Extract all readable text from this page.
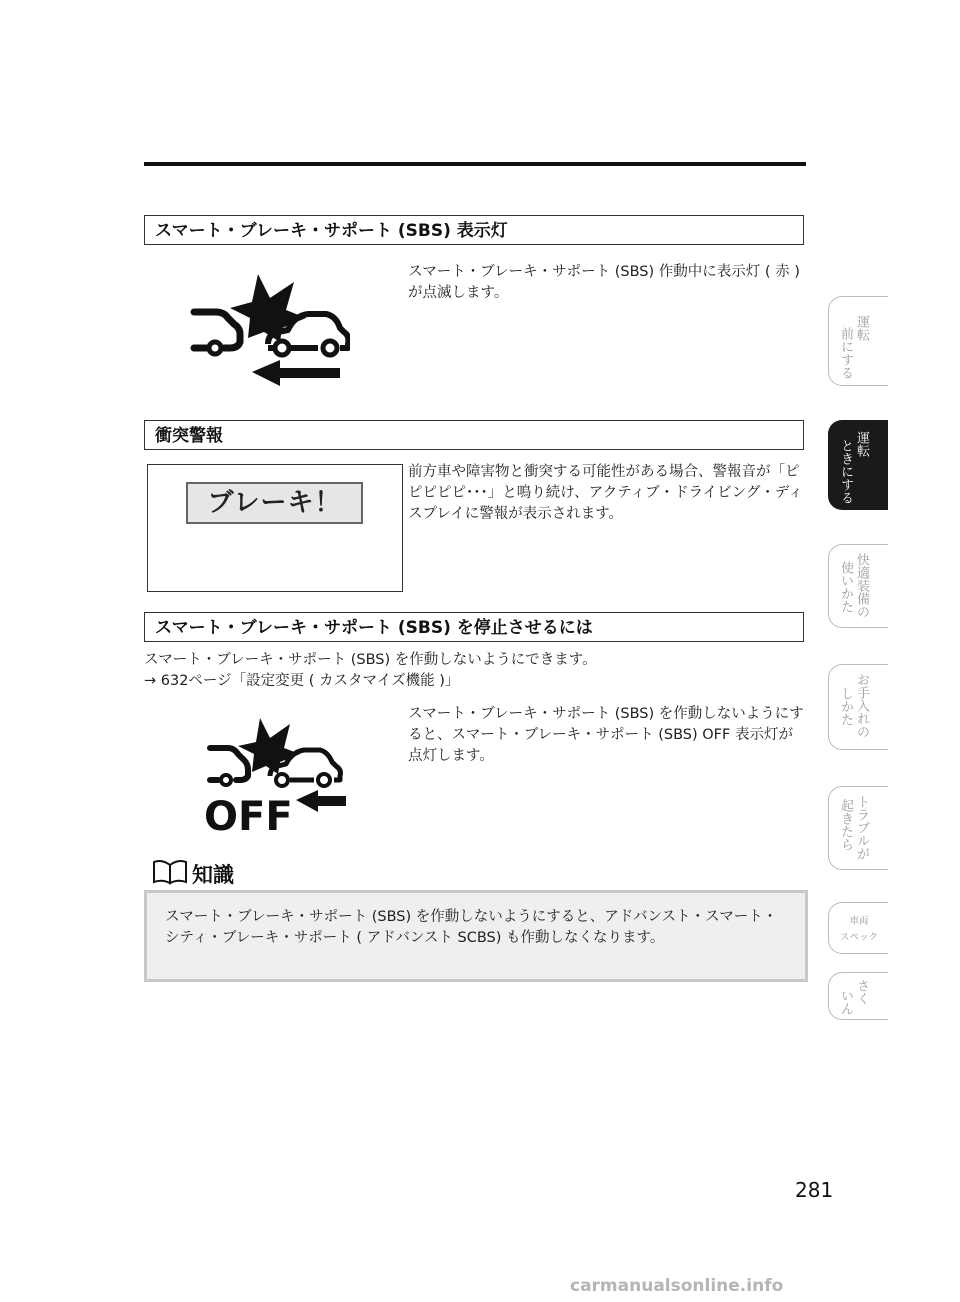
スマート・ブレーキ・サポート (SBS) 表示灯
スマート・ブレーキ・サポート (SBS) 作動中に表示灯 ( 赤 ) が点滅します。
衝突警報
ブレーキ！
前方車や障害物と衝突する可能性がある場合、警報音が「ピピピピピ･･･」と鳴り続け、アクティブ・ドライビング・ディスプレイに警報が表示されます。
スマート・ブレーキ・サポート (SBS) を停止させるには
スマート・ブレーキ・サポート (SBS) を作動しないようにできます。
→ 632ページ「設定変更 ( カスタマイズ機能 )」
OFF
スマート・ブレーキ・サポート (SBS) を作動しないようにすると、スマート・ブレーキ・サポート (SBS) OFF 表示灯が点灯します。
知識
スマート・ブレーキ・サポート (SBS) を作動しないようにすると、アドバンスト・スマート・シティ・ブレーキ・サポート ( アドバンスト SCBS) も作動しなくなります。
運転
前にする
運転
ときにする
快適装備の
使いかた
お手入れの
しかた
トラブルが
起きたら
車両
スペック
さく
いん
281
carmanualsonline.info
